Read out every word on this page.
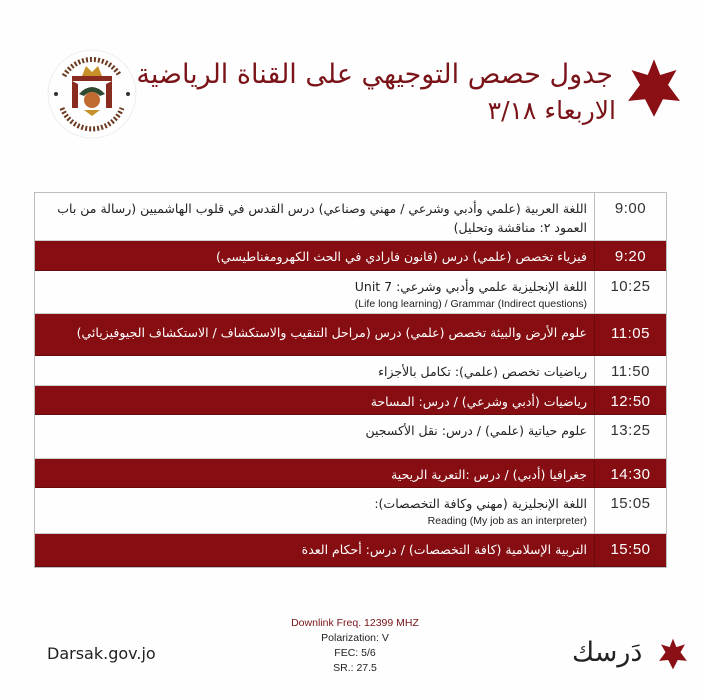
جدول حصص التوجيهي على القناة الرياضية
الاربعاء ٣/١٨
9:00
اللغة العربية (علمي وأدبي وشرعي / مهني وصناعي) درس القدس في قلوب الهاشميين (رسالة من باب العمود ٢: مناقشة وتحليل)
9:20
فيزياء تخصص (علمي) درس (قانون فارادي في الحث الكهرومغناطيسي)
10:25
اللغة الإنجليزية علمي وأدبي وشرعي: Unit 7
(Life long learning) / Grammar (Indirect questions)
11:05
علوم الأرض والبيئة تخصص (علمي) درس (مراحل التنقيب والاستكشاف / الاستكشاف الجيوفيزيائي)
11:50
رياضيات تخصص (علمي): تكامل بالأجزاء
12:50
رياضيات (أدبي وشرعي) / درس: المساحة
13:25
علوم حياتية (علمي) / درس: نقل الأكسجين
14:30
جغرافيا (أدبي) / درس :التعرية الريحية
15:05
اللغة الإنجليزية (مهني وكافة التخصصات):
Reading (My job as an interpreter)
15:50
التربية الإسلامية (كافة التخصصات) / درس: أحكام العدة
Darsak.gov.jo
Downlink Freq. 12399 MHZ
Polarization: V
FEC: 5/6
SR.: 27.5	دَرسك
